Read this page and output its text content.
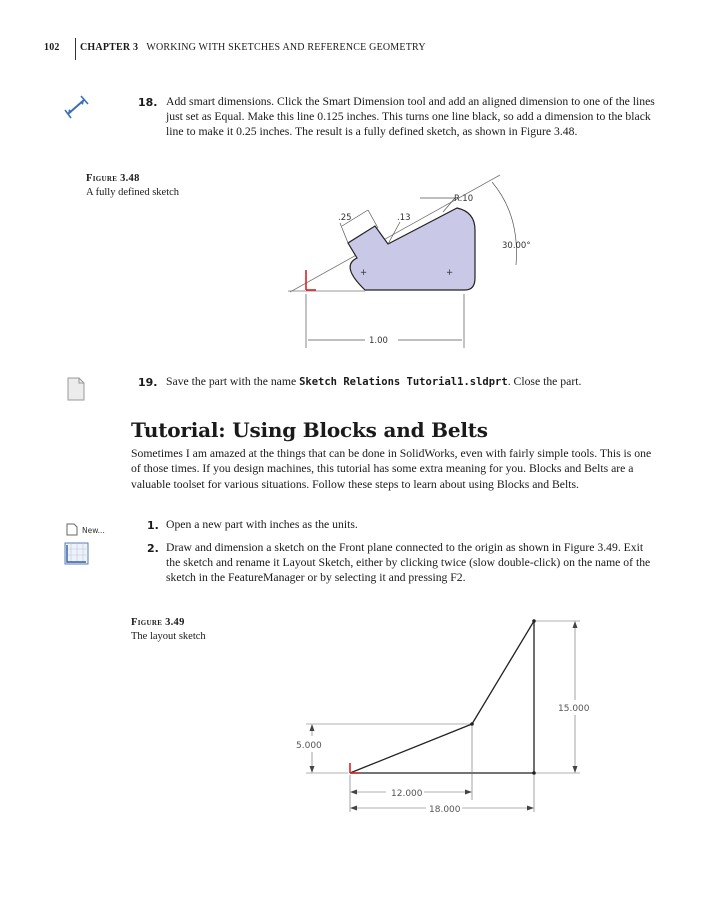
102 CHAPTER 3 WORKING WITH SKETCHES AND REFERENCE GEOMETRY
18. Add smart dimensions. Click the Smart Dimension tool and add an aligned dimension to one of the lines just set as Equal. Make this line 0.125 inches. This turns one line black, so add a dimension to the black line to make it 0.25 inches. The result is a fully defined sketch, as shown in Figure 3.48.
Figure 3.48
A fully defined sketch
+	+
.25	.13
R.10
30.00°
1.00
19. Save the part with the name Sketch Relations Tutorial1.sldprt. Close the part.
Tutorial: Using Blocks and Belts
Sometimes I am amazed at the things that can be done in SolidWorks, even with fairly simple tools. This is one of those times. If you design machines, this tutorial has some extra meaning for you. Blocks and Belts are a valuable toolset for various situations. Follow these steps to learn about using Blocks and Belts.
New...	1. Open a new part with inches as the units.
2. Draw and dimension a sketch on the Front plane connected to the origin as shown in Figure 3.49. Exit the sketch and rename it Layout Sketch, either by clicking twice (slow double-click) on the name of the sketch in the FeatureManager or by selecting it and pressing F2.
Figure 3.49
The layout sketch
15.000
5.000
12.000
18.000
